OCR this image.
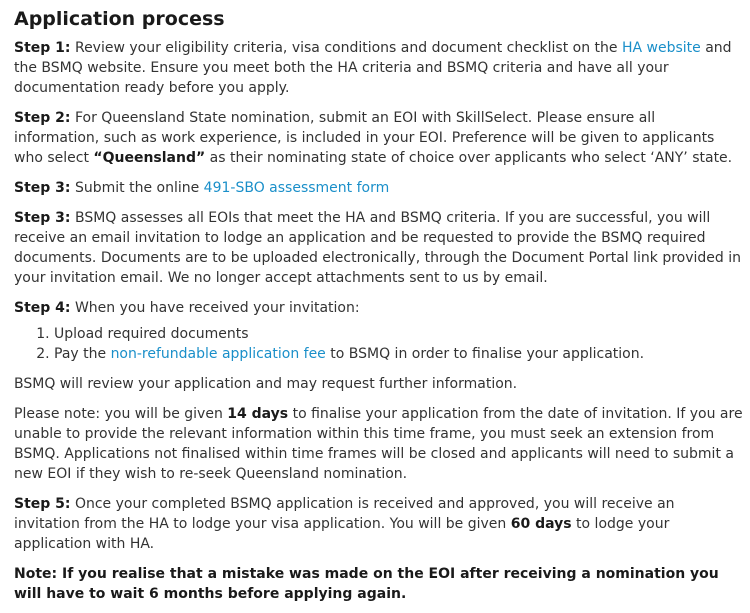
Application process

Step 1: Review your eligibility criteria, visa conditions and document checklist on the HA website and the BSMQ website. Ensure you meet both the HA criteria and BSMQ criteria and have all your documentation ready before you apply.

Step 2: For Queensland State nomination, submit an EOI with SkillSelect. Please ensure all information, such as work experience, is included in your EOI. Preference will be given to applicants who select “Queensland” as their nominating state of choice over applicants who select ‘ANY’ state.

Step 3: Submit the online 491-SBO assessment form

Step 3: BSMQ assesses all EOIs that meet the HA and BSMQ criteria. If you are successful, you will receive an email invitation to lodge an application and be requested to provide the BSMQ required documents. Documents are to be uploaded electronically, through the Document Portal link provided in your invitation email. We no longer accept attachments sent to us by email.

Step 4: When you have received your invitation:

1. Upload required documents
2. Pay the non-refundable application fee to BSMQ in order to finalise your application.

BSMQ will review your application and may request further information.

Please note: you will be given 14 days to finalise your application from the date of invitation. If you are unable to provide the relevant information within this time frame, you must seek an extension from BSMQ. Applications not finalised within time frames will be closed and applicants will need to submit a new EOI if they wish to re-seek Queensland nomination.

Step 5: Once your completed BSMQ application is received and approved, you will receive an invitation from the HA to lodge your visa application. You will be given 60 days to lodge your application with HA.

Note: If you realise that a mistake was made on the EOI after receiving a nomination you will have to wait 6 months before applying again.
